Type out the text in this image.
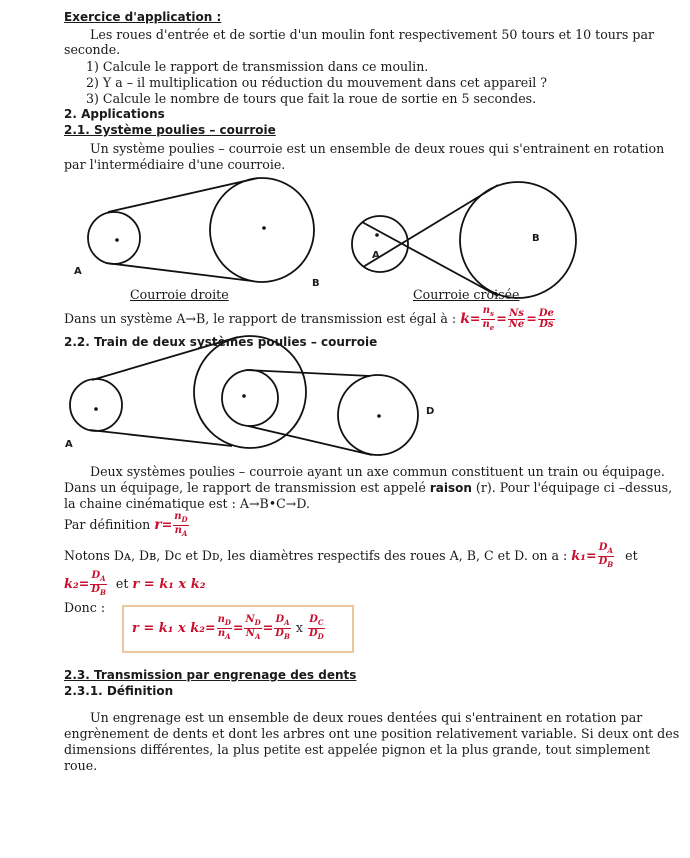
Exercice d'application :
Les roues d'entrée et de sortie d'un moulin font respectivement 50 tours et 10 tours par
seconde.
1) Calcule le rapport de transmission dans ce moulin.
2) Y a – il multiplication ou réduction du mouvement dans cet appareil ?
3) Calcule le nombre de tours que fait la roue de sortie en 5 secondes.
2. Applications
2.1. Système poulies – courroie
Un système poulies – courroie est un ensemble de deux roues qui s'entrainent en rotation
par l'intermédiaire d'une courroie.
A
B
Courroie droite
A
B
Courroie croisée
Dans un système A→B, le rapport de transmission est égal à : $k= \frac{n_s}{n_e} = \frac{Ns}{Ne} = \frac{De}{Ds}$
2.2. Train de deux systèmes poulies – courroie
A
D
Deux systèmes poulies – courroie ayant un axe commun constituent un train ou équipage.
Dans un équipage, le rapport de transmission est appelé raison (r). Pour l'équipage ci –dessus,
la chaine cinématique est : A→B•C→D.
Par définition $r= \frac{n_D}{n_A}$
Notons Dᴀ, Dʙ, Dᴄ et Dᴅ, les diamètres respectifs des roues A, B, C et D. on a : $k_1= \frac{D_A}{D_B}$ et
$k_2= \frac{D_A}{D_B}$ et r = k₁ x k₂
Donc :
r = k₁ x $k_2= \frac{n_D}{n_A} = \frac{N_D}{N_A} = \frac{D_A}{D_B}$ x $\frac{D_C}{D_D}$
2.3. Transmission par engrenage des dents
2.3.1. Définition
Un engrenage est un ensemble de deux roues dentées qui s'entrainent en rotation par
engrènement de dents et dont les arbres ont une position relativement variable. Si deux ont des
dimensions différentes, la plus petite est appelée pignon et la plus grande, tout simplement
roue.
